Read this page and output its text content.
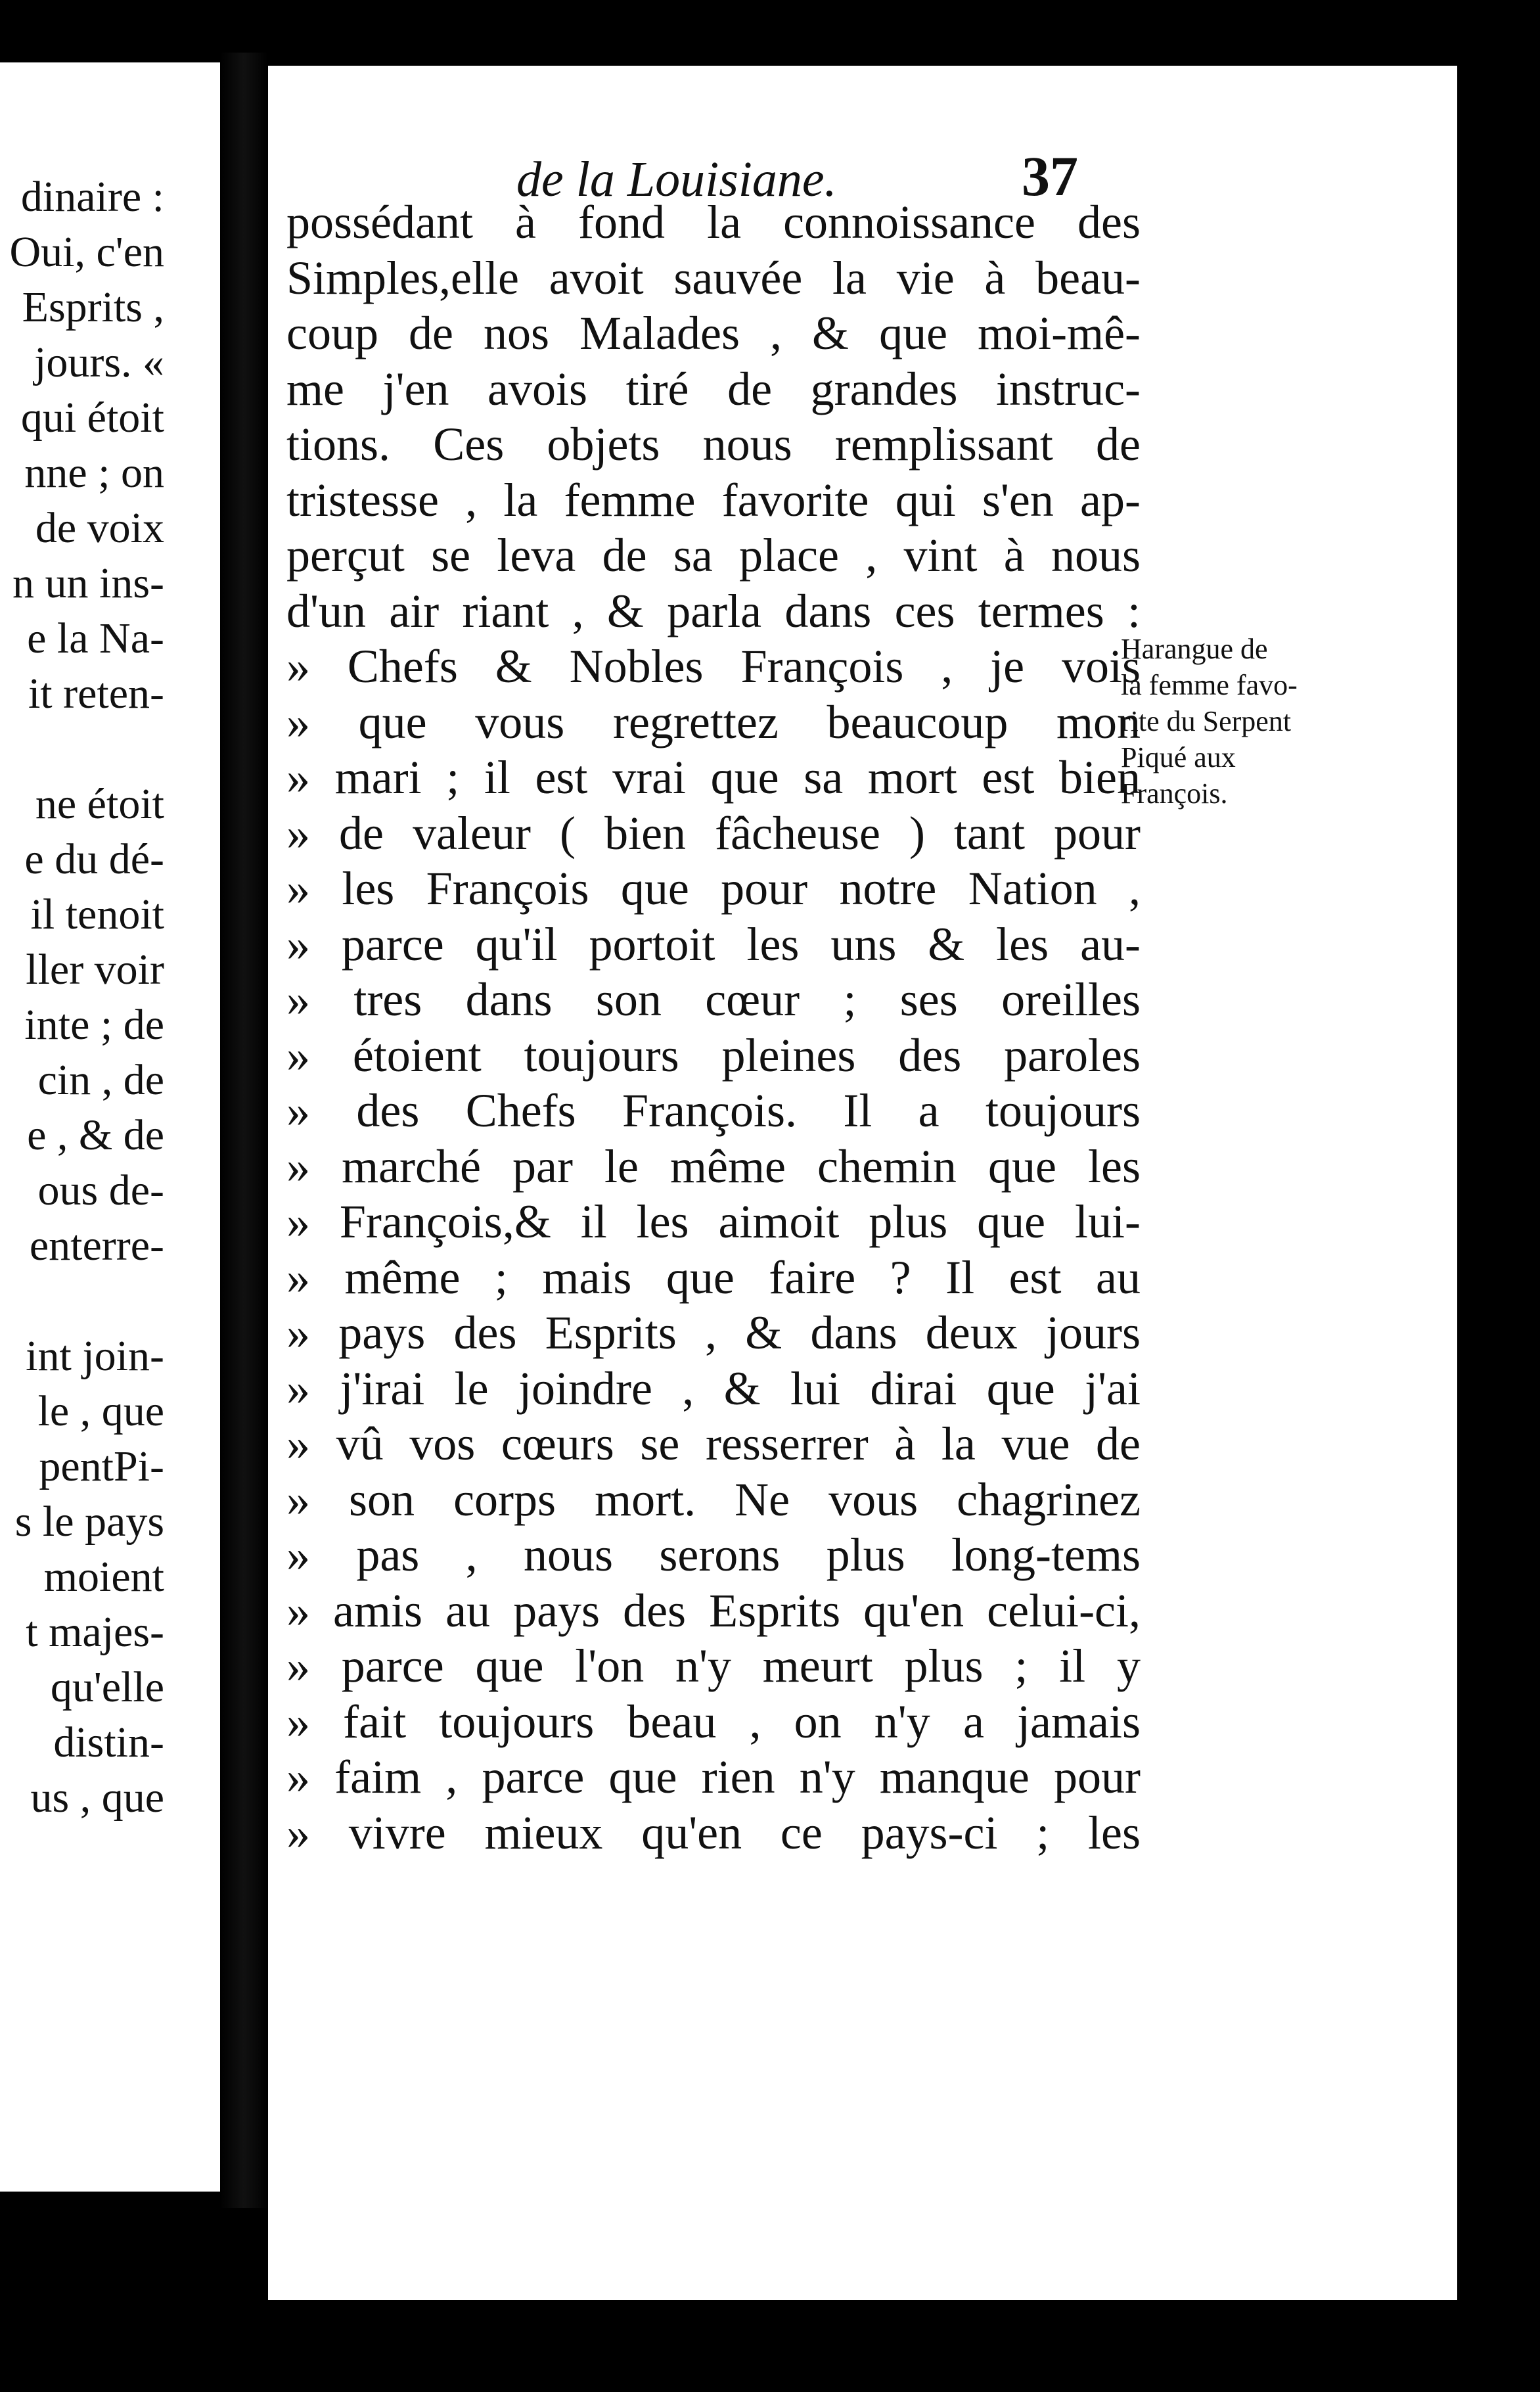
dinaire :
Oui, c'en
Esprits ,
jours. «
qui étoit
nne ; on
de voix
n un ins-
e la Na-
it reten-
ne étoit
e du dé-
il tenoit
ller voir
inte ; de
cin , de
e , & de
ous de-
enterre-
int join-
le , que
pentPi-
s le pays
moient
t majes-
qu'elle
distin-
us , que
de la Louisiane.	37
possédant à fond la connoissance des
Simples,elle avoit sauvée la vie à beau-
coup de nos Malades , & que moi-mê-
me j'en avois tiré de grandes instruc-
tions. Ces objets nous remplissant de
tristesse , la femme favorite qui s'en ap-
perçut se leva de sa place , vint à nous
d'un air riant , & parla dans ces termes :
» Chefs & Nobles François , je vois
» que vous regrettez beaucoup mon
» mari ; il est vrai que sa mort est bien
» de valeur ( bien fâcheuse ) tant pour
» les François que pour notre Nation ,
» parce qu'il portoit les uns & les au-
» tres dans son cœur ; ses oreilles
» étoient toujours pleines des paroles
» des Chefs François. Il a toujours
» marché par le même chemin que les
» François,& il les aimoit plus que lui-
» même ; mais que faire ? Il est au
» pays des Esprits , & dans deux jours
» j'irai le joindre , & lui dirai que j'ai
» vû vos cœurs se resserrer à la vue de
» son corps mort. Ne vous chagrinez
» pas , nous serons plus long-tems
» amis au pays des Esprits qu'en celui-ci,
» parce que l'on n'y meurt plus ; il y
» fait toujours beau , on n'y a jamais
» faim , parce que rien n'y manque pour
» vivre mieux qu'en ce pays-ci ; les
Harangue de
la femme favo-
rite du Serpent
Piqué aux
François.
